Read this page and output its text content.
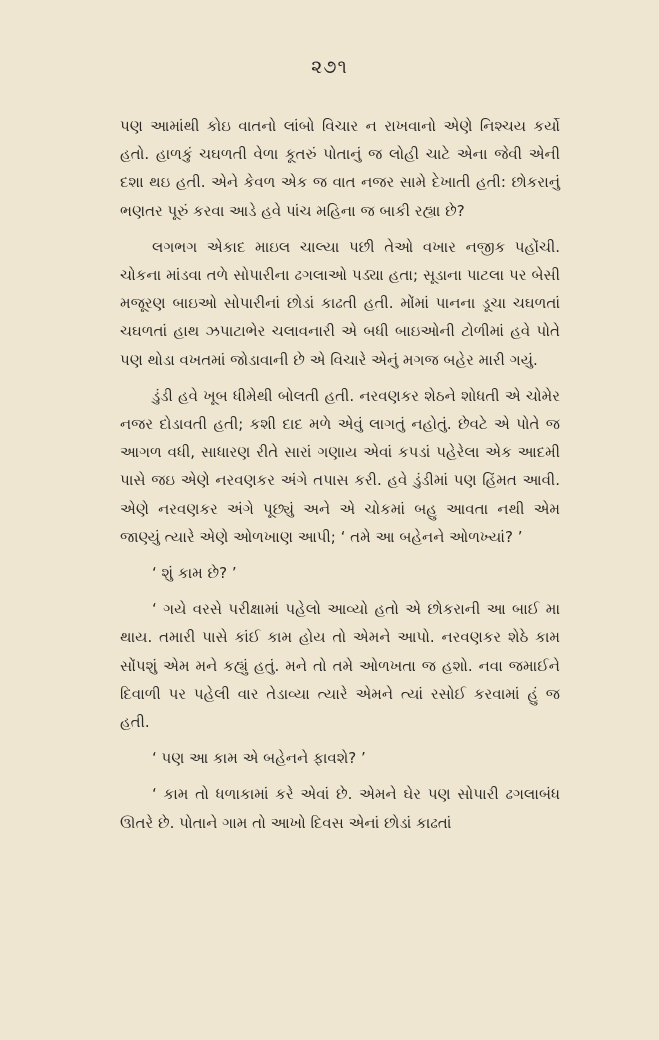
૨૭૧

પણ આમાંથી કોઇ વાતનો લાંબો વિચાર ન રાખવાનો એણે નિશ્ચય કર્યો હતો. હાળકું ચઘળતી વેળા કૂતરું પોતાનું જ લોહી ચાટે એના જેવી એની દશા થઇ હતી. એને કેવળ એક જ વાત નજર સામે દેખાતી હતી: છોકરાનું ભણતર પૂરું કરવા આડે હવે પાંચ મહિના જ બાકી રહ્યા છે?

લગભગ એકાદ માઇલ ચાલ્યા પછી તેઓ વખાર નજીક પહોંચી. ચોકના માંડવા તળે સોપારીના ઢગલાઓ પડ્યા હતા; સૂડાના પાટલા પર બેસી મજૂરણ બાઇઓ સોપારીનાં છોડાં કાઢતી હતી. મોંમાં પાનના ડૂચા ચઘળતાં ચઘળતાં હાથ ઝપાટાભેર ચલાવનારી એ બધી બાઇઓની ટોળીમાં હવે પોતે પણ થોડા વખતમાં જોડાવાની છે એ વિચારે એનું મગજ બહેર મારી ગયું.

ડુંડી હવે ખૂબ ધીમેથી બોલતી હતી. નરવણકર શેઠને શોધતી એ ચોમેર નજર દોડાવતી હતી; કશી દાદ મળે એવું લાગતું નહોતું. છેવટે એ પોતે જ આગળ વધી, સાધારણ રીતે સારાં ગણાય એવાં કપડાં પહેરેલા એક આદમી પાસે જઇ એણે નરવણકર અંગે તપાસ કરી. હવે ડુંડીમાં પણ હિંમત આવી. એણે નરવણકર અંગે પૂછ્યું અને એ ચોકમાં બહુ આવતા નથી એમ જાણ્યું ત્યારે એણે ઓળખાણ આપી; ‘ તમે આ બહેનને ઓળખ્યાં? ’

‘ શું કામ છે? ’

‘ ગયે વરસે પરીક્ષામાં પહેલો આવ્યો હતો એ છોકરાની આ બાઈ મા થાય. તમારી પાસે કાંઈ કામ હોય તો એમને આપો. નરવણકર શેઠે કામ સોંપશું એમ મને કહ્યું હતું. મને તો તમે ઓળખતા જ હશો. નવા જમાઈને દિવાળી પર પહેલી વાર તેડાવ્યા ત્યારે એમને ત્યાં રસોઈ કરવામાં હું જ હતી.

‘ પણ આ કામ એ બહેનને ફાવશે? ’

‘ કામ તો ધળાકામાં કરે એવાં છે. એમને ઘેર પણ સોપારી ઢગલાબંધ ઊતરે છે. પોતાને ગામ તો આખો દિવસ એનાં છોડાં કાઢતાં
